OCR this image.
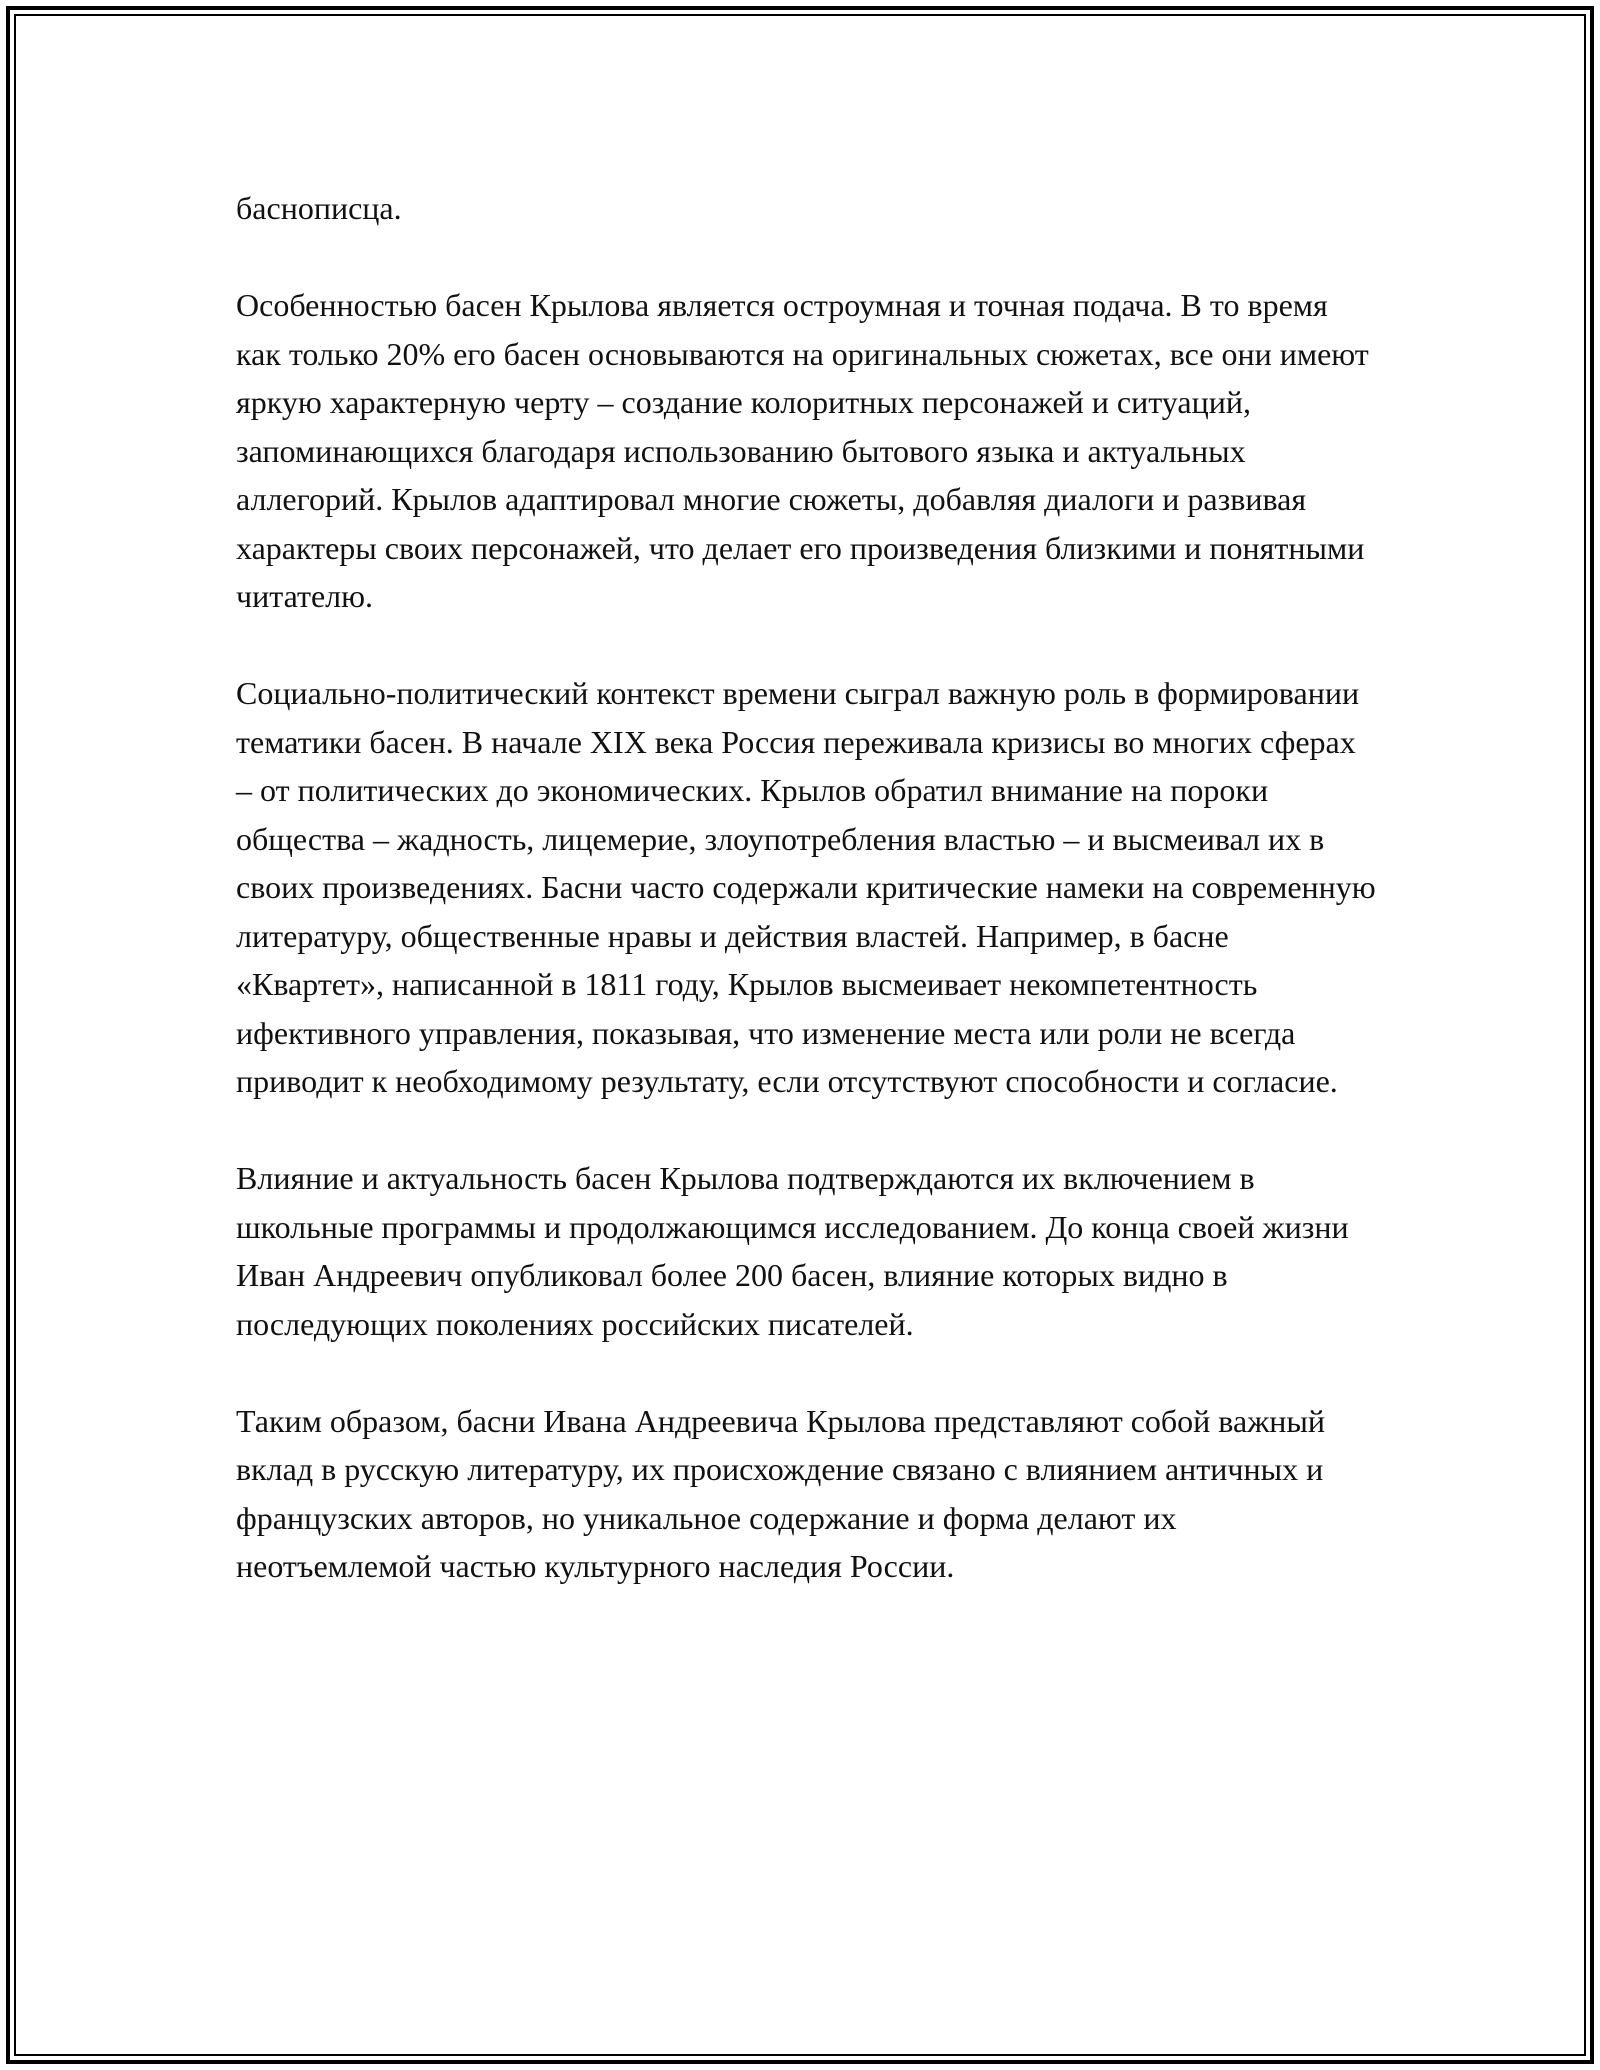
баснописца.

Особенностью басен Крылова является остроумная и точная подача. В то время как только 20% его басен основываются на оригинальных сюжетах, все они имеют яркую характерную черту – создание колоритных персонажей и ситуаций, запоминающихся благодаря использованию бытового языка и актуальных аллегорий. Крылов адаптировал многие сюжеты, добавляя диалоги и развивая характеры своих персонажей, что делает его произведения близкими и понятными читателю.

Социально-политический контекст времени сыграл важную роль в формировании тематики басен. В начале XIX века Россия переживала кризисы во многих сферах – от политических до экономических. Крылов обратил внимание на пороки общества – жадность, лицемерие, злоупотребления властью – и высмеивал их в своих произведениях. Басни часто содержали критические намеки на современную литературу, общественные нравы и действия властей. Например, в басне «Квартет», написанной в 1811 году, Крылов высмеивает некомпетентность ифективного управления, показывая, что изменение места или роли не всегда приводит к необходимому результату, если отсутствуют способности и согласие.

Влияние и актуальность басен Крылова подтверждаются их включением в школьные программы и продолжающимся исследованием. До конца своей жизни Иван Андреевич опубликовал более 200 басен, влияние которых видно в последующих поколениях российских писателей.

Таким образом, басни Ивана Андреевича Крылова представляют собой важный вклад в русскую литературу, их происхождение связано с влиянием античных и французских авторов, но уникальное содержание и форма делают их неотъемлемой частью культурного наследия России.
